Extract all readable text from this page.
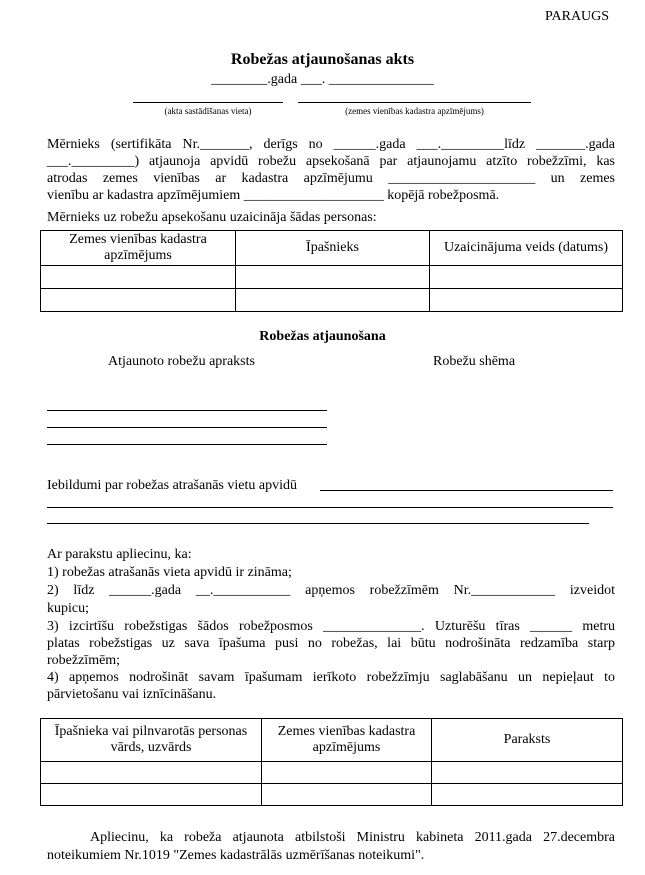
PARAUGS
Robežas atjaunošanas akts
________.gada ___. _______________
(akta sastādīšanas vieta)	(zemes vienības kadastra apzīmējums)
Mērnieks (sertifikāta Nr._______, derīgs no ______.gada ___._________līdz _______.gada
___._________) atjaunoja apvidū robežu apsekošanā par atjaunojamu atzīto robežzīmi, kas
atrodas zemes vienības ar kadastra apzīmējumu _____________________ un zemes
vienību ar kadastra apzīmējumiem ____________________ kopējā robežposmā.
Mērnieks uz robežu apsekošanu uzaicināja šādas personas:
Zemes vienības kadastra apzīmējums	Īpašnieks	Uzaicinājuma veids (datums)

Robežas atjaunošana
Atjaunoto robežu apraksts	Robežu shēma
Iebildumi par robežas atrašanās vietu apvidū
Ar parakstu apliecinu, ka:
1) robežas atrašanās vieta apvidū ir zināma;
2) līdz ______.gada __.___________ apņemos robežzīmēm Nr.____________ izveidot
kupicu;
3) izcirtīšu robežstigas šādos robežposmos ______________. Uzturēšu tīras ______ metru
platas robežstigas uz sava īpašuma pusi no robežas, lai būtu nodrošināta redzamība starp
robežzīmēm;
4) apņemos nodrošināt savam īpašumam ierīkoto robežzīmju saglabāšanu un nepieļaut to
pārvietošanu vai iznīcināšanu.
Īpašnieka vai pilnvarotās personas vārds, uzvārds	Zemes vienības kadastra apzīmējums	Paraksts

Apliecinu, ka robeža atjaunota atbilstoši Ministru kabineta 2011.gada 27.decembra
noteikumiem Nr.1019 "Zemes kadastrālās uzmērīšanas noteikumi".
